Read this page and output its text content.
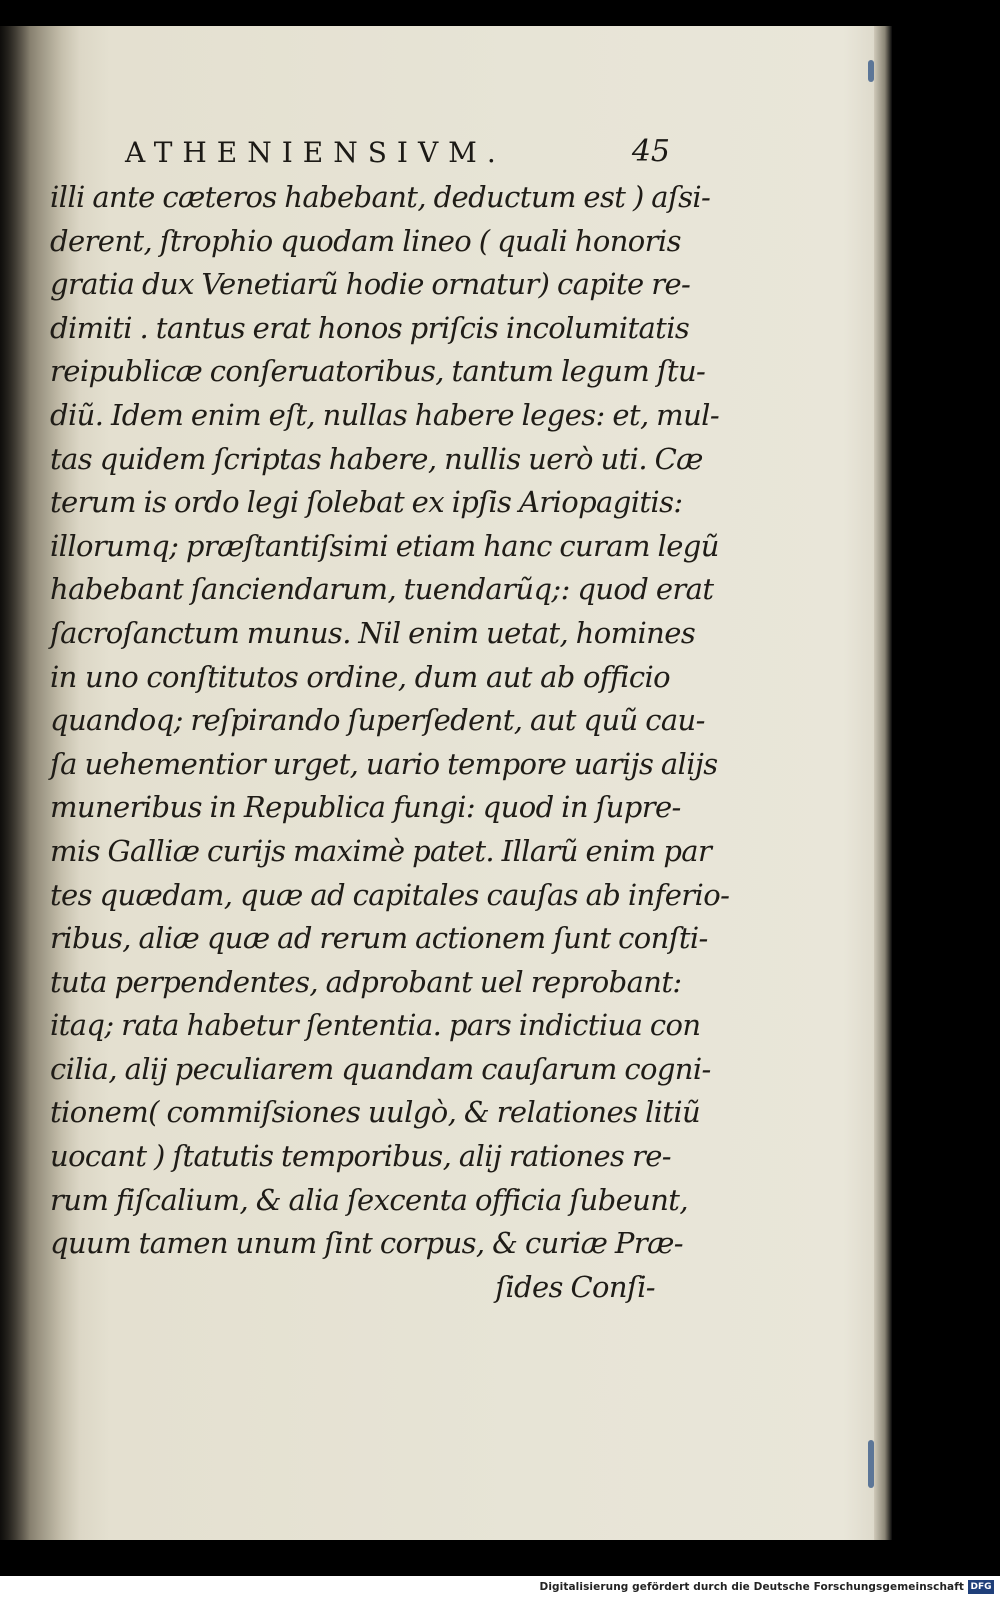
ATHENIENSIVM.	45
illi ante cæteros habebant, deductum est ) aſsi-
derent, ſtrophio quodam lineo ( quali honoris
gratia dux Venetiarũ hodie ornatur) capite re-
dimiti . tantus erat honos priſcis incolumitatis
reipublicæ conſeruatoribus, tantum legum ſtu-
diũ. Idem enim eſt, nullas habere leges: et, mul-
tas quidem ſcriptas habere, nullis uerò uti. Cæ
terum is ordo legi ſolebat ex ipſis Ariopagitis:
illorumq; præſtantiſsimi etiam hanc curam legũ
habebant ſanciendarum, tuendarũq;: quod erat
ſacroſanctum munus. Nil enim uetat, homines
in uno conſtitutos ordine, dum aut ab officio
quandoq; reſpirando ſuperſedent, aut quũ cau-
ſa uehementior urget, uario tempore uarijs alijs
muneribus in Republica fungi: quod in ſupre-
mis Galliæ curijs maximè patet. Illarũ enim par
tes quædam, quæ ad capitales cauſas ab inferio-
ribus, aliæ quæ ad rerum actionem ſunt conſti-
tuta perpendentes, adprobant uel reprobant:
itaq; rata habetur ſententia. pars indictiua con
cilia, alij peculiarem quandam cauſarum cogni-
tionem( commiſsiones uulgò, & relationes litiũ
uocant ) ſtatutis temporibus, alij rationes re-
rum fiſcalium, & alia ſexcenta officia ſubeunt,
quum tamen unum ſint corpus, & curiæ Præ-
ſides Conſi-
Digitalisierung gefördert durch die Deutsche Forschungsgemeinschaft DFG
